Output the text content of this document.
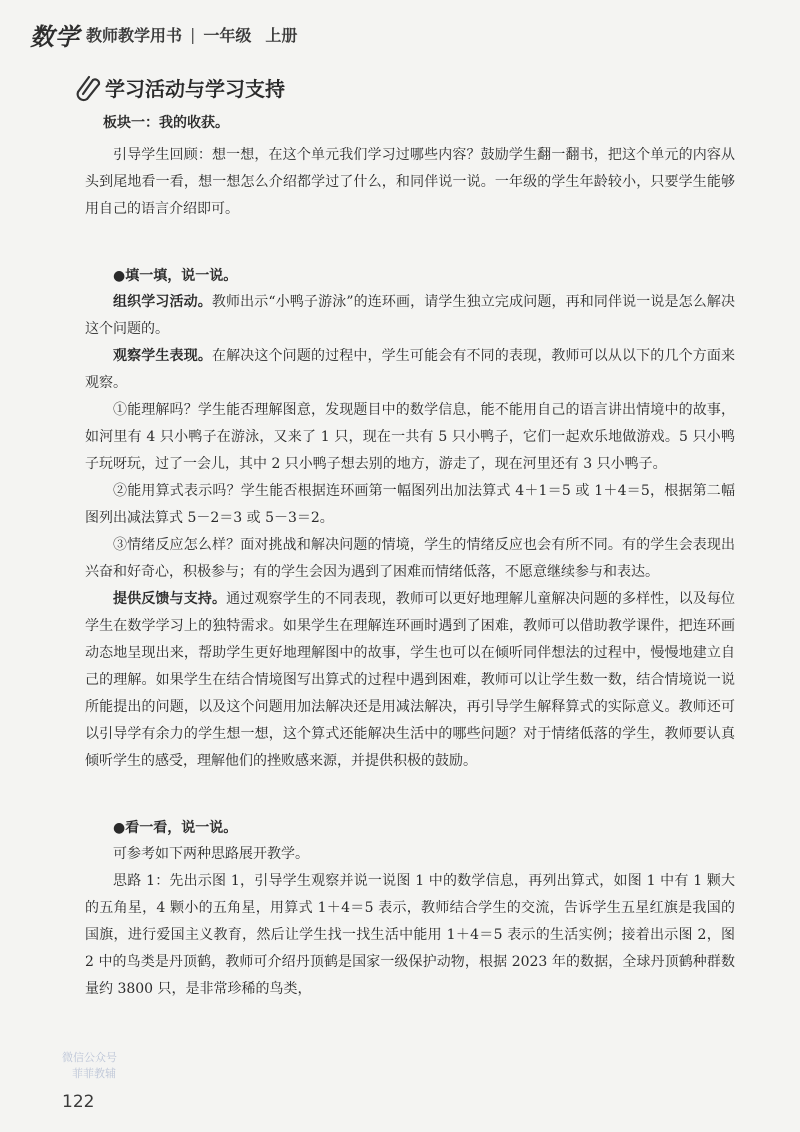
数学 教师教学用书 | 一年级 上册
学习活动与学习支持
板块一：我的收获。

引导学生回顾：想一想，在这个单元我们学习过哪些内容？鼓励学生翻一翻书，把这个单元的内容从头到尾地看一看，想一想怎么介绍都学过了什么，和同伴说一说。一年级的学生年龄较小，只要学生能够用自己的语言介绍即可。

●填一填，说一说。

组织学习活动。教师出示“小鸭子游泳”的连环画，请学生独立完成问题，再和同伴说一说是怎么解决这个问题的。

观察学生表现。在解决这个问题的过程中，学生可能会有不同的表现，教师可以从以下的几个方面来观察。

①能理解吗？学生能否理解图意，发现题目中的数学信息，能不能用自己的语言讲出情境中的故事，如河里有 4 只小鸭子在游泳，又来了 1 只，现在一共有 5 只小鸭子，它们一起欢乐地做游戏。5 只小鸭子玩呀玩，过了一会儿，其中 2 只小鸭子想去别的地方，游走了，现在河里还有 3 只小鸭子。

②能用算式表示吗？学生能否根据连环画第一幅图列出加法算式 4＋1＝5 或 1＋4＝5，根据第二幅图列出减法算式 5－2＝3 或 5－3＝2。

③情绪反应怎么样？面对挑战和解决问题的情境，学生的情绪反应也会有所不同。有的学生会表现出兴奋和好奇心，积极参与；有的学生会因为遇到了困难而情绪低落，不愿意继续参与和表达。

提供反馈与支持。通过观察学生的不同表现，教师可以更好地理解儿童解决问题的多样性，以及每位学生在数学学习上的独特需求。如果学生在理解连环画时遇到了困难，教师可以借助教学课件，把连环画动态地呈现出来，帮助学生更好地理解图中的故事，学生也可以在倾听同伴想法的过程中，慢慢地建立自己的理解。如果学生在结合情境图写出算式的过程中遇到困难，教师可以让学生数一数，结合情境说一说所能提出的问题，以及这个问题用加法解决还是用减法解决，再引导学生解释算式的实际意义。教师还可以引导学有余力的学生想一想，这个算式还能解决生活中的哪些问题？对于情绪低落的学生，教师要认真倾听学生的感受，理解他们的挫败感来源，并提供积极的鼓励。

●看一看，说一说。

可参考如下两种思路展开教学。

思路 1：先出示图 1，引导学生观察并说一说图 1 中的数学信息，再列出算式，如图 1 中有 1 颗大的五角星，4 颗小的五角星，用算式 1＋4＝5 表示，教师结合学生的交流，告诉学生五星红旗是我国的国旗，进行爱国主义教育，然后让学生找一找生活中能用 1＋4＝5 表示的生活实例；接着出示图 2，图 2 中的鸟类是丹顶鹤，教师可介绍丹顶鹤是国家一级保护动物，根据 2023 年的数据，全球丹顶鹤种群数量约 3800 只，是非常珍稀的鸟类，

微信公众号
菲菲教辅
122
